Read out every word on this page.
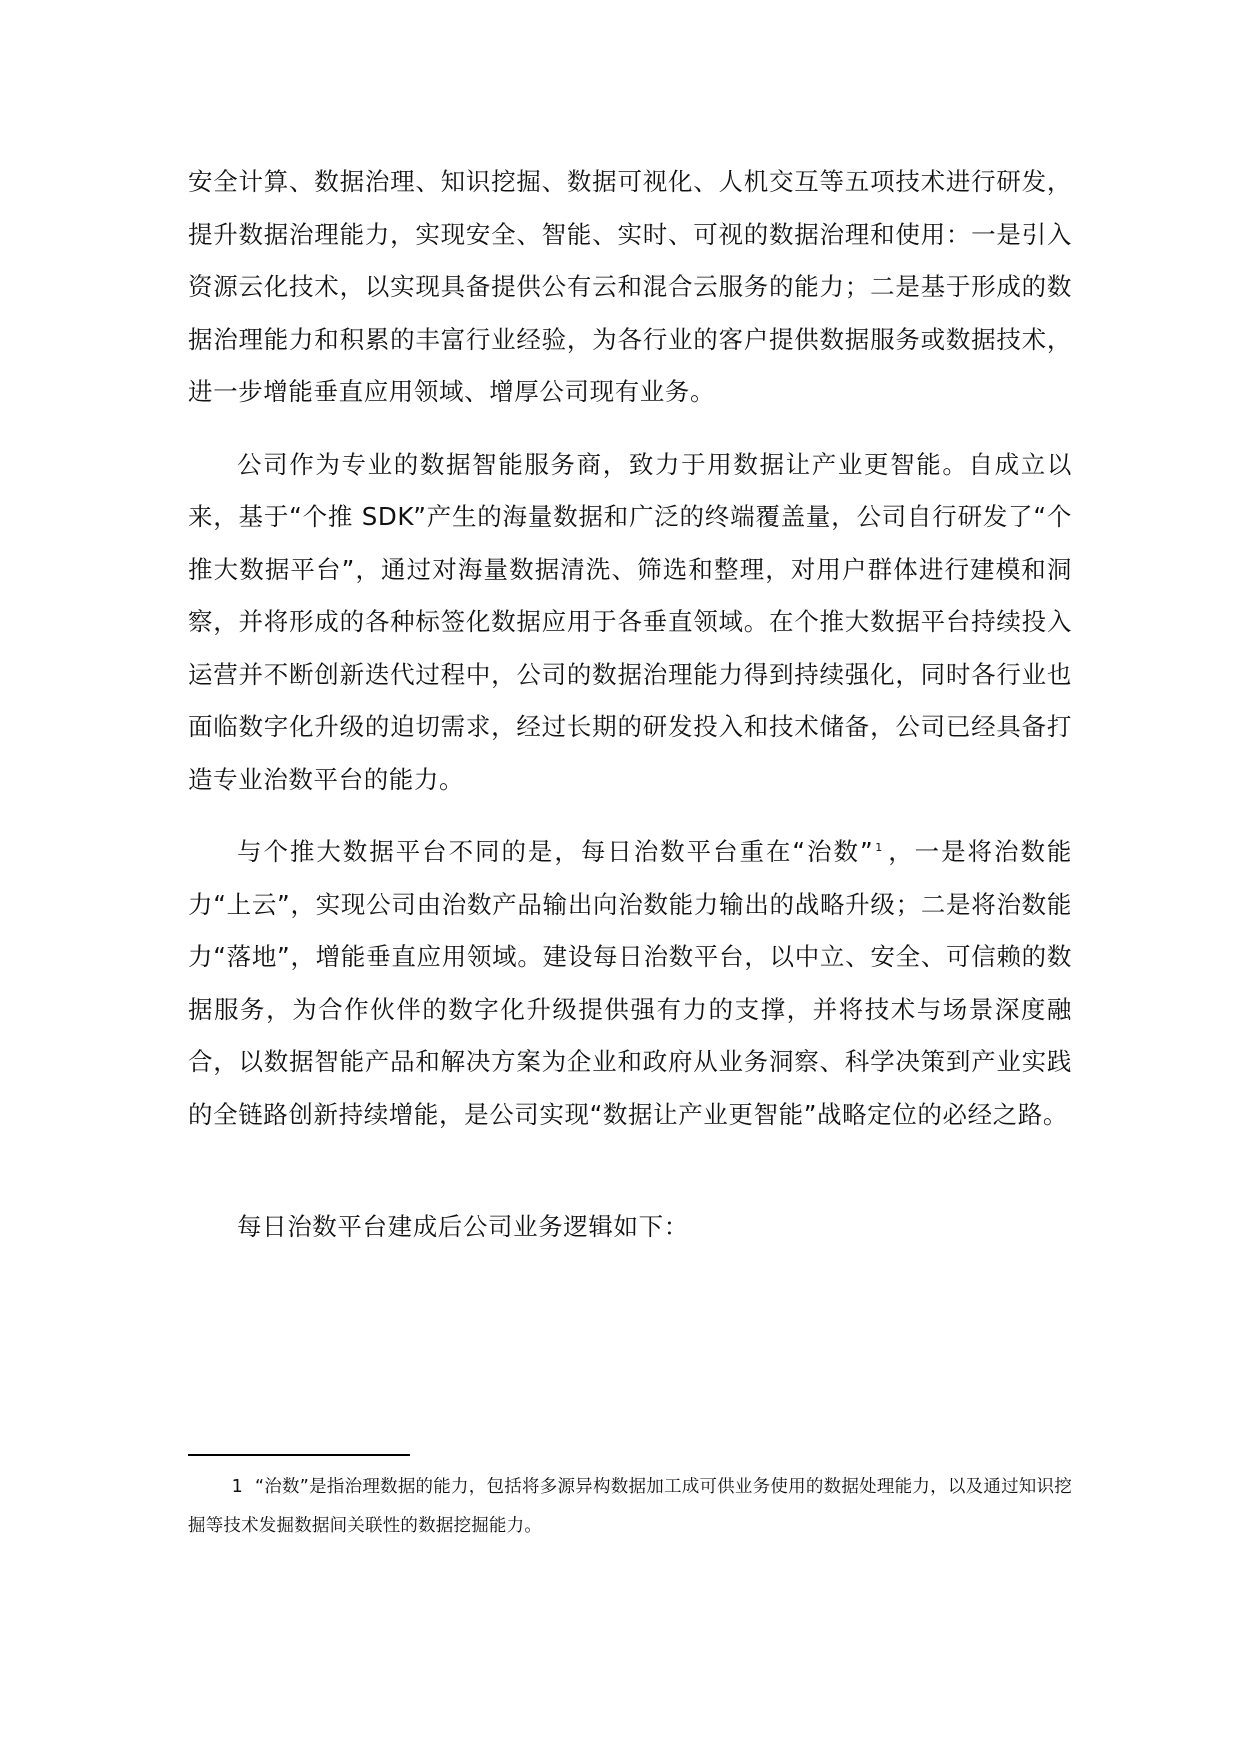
安全计算、数据治理、知识挖掘、数据可视化、人机交互等五项技术进行研发，提升数据治理能力，实现安全、智能、实时、可视的数据治理和使用：一是引入资源云化技术，以实现具备提供公有云和混合云服务的能力；二是基于形成的数据治理能力和积累的丰富行业经验，为各行业的客户提供数据服务或数据技术，进一步增能垂直应用领域、增厚公司现有业务。

公司作为专业的数据智能服务商，致力于用数据让产业更智能。自成立以来，基于“个推 SDK”产生的海量数据和广泛的终端覆盖量，公司自行研发了“个推大数据平台”，通过对海量数据清洗、筛选和整理，对用户群体进行建模和洞察，并将形成的各种标签化数据应用于各垂直领域。在个推大数据平台持续投入运营并不断创新迭代过程中，公司的数据治理能力得到持续强化，同时各行业也面临数字化升级的迫切需求，经过长期的研发投入和技术储备，公司已经具备打造专业治数平台的能力。

与个推大数据平台不同的是，每日治数平台重在“治数” $^1$ ，一是将治数能力“上云”，实现公司由治数产品输出向治数能力输出的战略升级；二是将治数能力“落地”，增能垂直应用领域。建设每日治数平台，以中立、安全、可信赖的数据服务，为合作伙伴的数字化升级提供强有力的支撑，并将技术与场景深度融合，以数据智能产品和解决方案为企业和政府从业务洞察、科学决策到产业实践的全链路创新持续增能，是公司实现“数据让产业更智能”战略定位的必经之路。

每日治数平台建成后公司业务逻辑如下：

1 “治数”是指治理数据的能力，包括将多源异构数据加工成可供业务使用的数据处理能力，以及通过知识挖掘等技术发掘数据间关联性的数据挖掘能力。
